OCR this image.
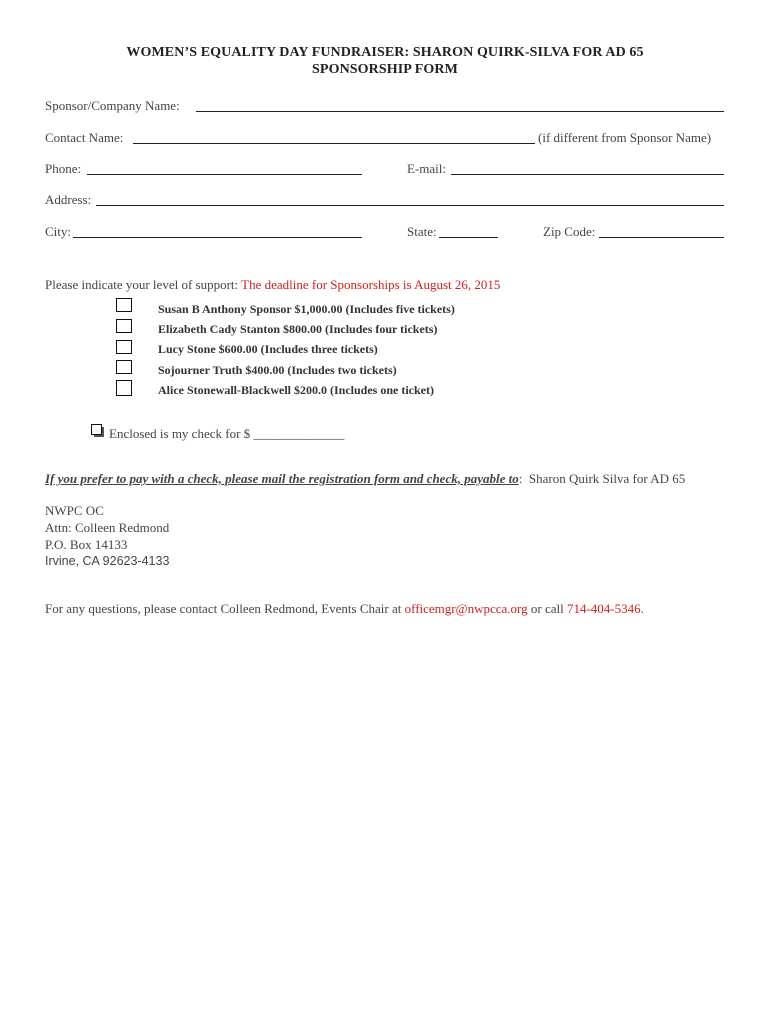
WOMEN’S EQUALITY DAY FUNDRAISER: SHARON QUIRK-SILVA FOR AD 65
SPONSORSHIP FORM
Sponsor/Company Name:
Contact Name:	(if different from Sponsor Name)
Phone:	E-mail:
Address:
City:	State:	Zip Code:
Please indicate your level of support: The deadline for Sponsorships is August 26, 2015
Susan B Anthony Sponsor $1,000.00 (Includes five tickets)
Elizabeth Cady Stanton $800.00 (Includes four tickets)
Lucy Stone $600.00 (Includes three tickets)
Sojourner Truth $400.00 (Includes two tickets)
Alice Stonewall-Blackwell $200.0 (Includes one ticket)
Enclosed is my check for $ ______________
If you prefer to pay with a check, please mail the registration form and check, payable to: Sharon Quirk Silva for AD 65
NWPC OC
Attn: Colleen Redmond
P.O. Box 14133
Irvine, CA 92623-4133
For any questions, please contact Colleen Redmond, Events Chair at officemgr@nwpcca.org or call 714-404-5346.
